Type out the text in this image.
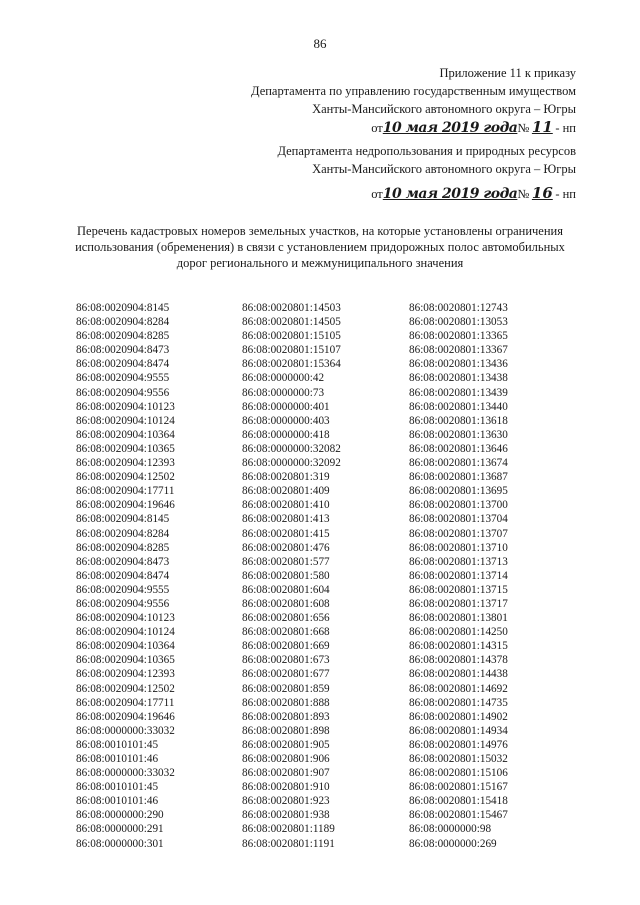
86
Приложение 11 к приказу
Департамента по управлению государственным имуществом
Ханты-Мансийского автономного округа – Югры
от 10 мая 2019 года № 11 - нп
Департамента недропользования и природных ресурсов
Ханты-Мансийского автономного округа – Югры
от 10 мая 2019 года № 16 - нп
Перечень кадастровых номеров земельных участков, на которые установлены ограничения использования (обременения) в связи с установлением придорожных полос автомобильных дорог регионального и межмуниципального значения
86:08:0020904:8145
86:08:0020904:8284
86:08:0020904:8285
86:08:0020904:8473
86:08:0020904:8474
86:08:0020904:9555
86:08:0020904:9556
86:08:0020904:10123
86:08:0020904:10124
86:08:0020904:10364
86:08:0020904:10365
86:08:0020904:12393
86:08:0020904:12502
86:08:0020904:17711
86:08:0020904:19646
86:08:0020904:8145
86:08:0020904:8284
86:08:0020904:8285
86:08:0020904:8473
86:08:0020904:8474
86:08:0020904:9555
86:08:0020904:9556
86:08:0020904:10123
86:08:0020904:10124
86:08:0020904:10364
86:08:0020904:10365
86:08:0020904:12393
86:08:0020904:12502
86:08:0020904:17711
86:08:0020904:19646
86:08:0000000:33032
86:08:0010101:45
86:08:0010101:46
86:08:0000000:33032
86:08:0010101:45
86:08:0010101:46
86:08:0000000:290
86:08:0000000:291
86:08:0000000:301
86:08:0020801:14503
86:08:0020801:14505
86:08:0020801:15105
86:08:0020801:15107
86:08:0020801:15364
86:08:0000000:42
86:08:0000000:73
86:08:0000000:401
86:08:0000000:403
86:08:0000000:418
86:08:0000000:32082
86:08:0000000:32092
86:08:0020801:319
86:08:0020801:409
86:08:0020801:410
86:08:0020801:413
86:08:0020801:415
86:08:0020801:476
86:08:0020801:577
86:08:0020801:580
86:08:0020801:604
86:08:0020801:608
86:08:0020801:656
86:08:0020801:668
86:08:0020801:669
86:08:0020801:673
86:08:0020801:677
86:08:0020801:859
86:08:0020801:888
86:08:0020801:893
86:08:0020801:898
86:08:0020801:905
86:08:0020801:906
86:08:0020801:907
86:08:0020801:910
86:08:0020801:923
86:08:0020801:938
86:08:0020801:1189
86:08:0020801:1191
86:08:0020801:12743
86:08:0020801:13053
86:08:0020801:13365
86:08:0020801:13367
86:08:0020801:13436
86:08:0020801:13438
86:08:0020801:13439
86:08:0020801:13440
86:08:0020801:13618
86:08:0020801:13630
86:08:0020801:13646
86:08:0020801:13674
86:08:0020801:13687
86:08:0020801:13695
86:08:0020801:13700
86:08:0020801:13704
86:08:0020801:13707
86:08:0020801:13710
86:08:0020801:13713
86:08:0020801:13714
86:08:0020801:13715
86:08:0020801:13717
86:08:0020801:13801
86:08:0020801:14250
86:08:0020801:14315
86:08:0020801:14378
86:08:0020801:14438
86:08:0020801:14692
86:08:0020801:14735
86:08:0020801:14902
86:08:0020801:14934
86:08:0020801:14976
86:08:0020801:15032
86:08:0020801:15106
86:08:0020801:15167
86:08:0020801:15418
86:08:0020801:15467
86:08:0000000:98
86:08:0000000:269
